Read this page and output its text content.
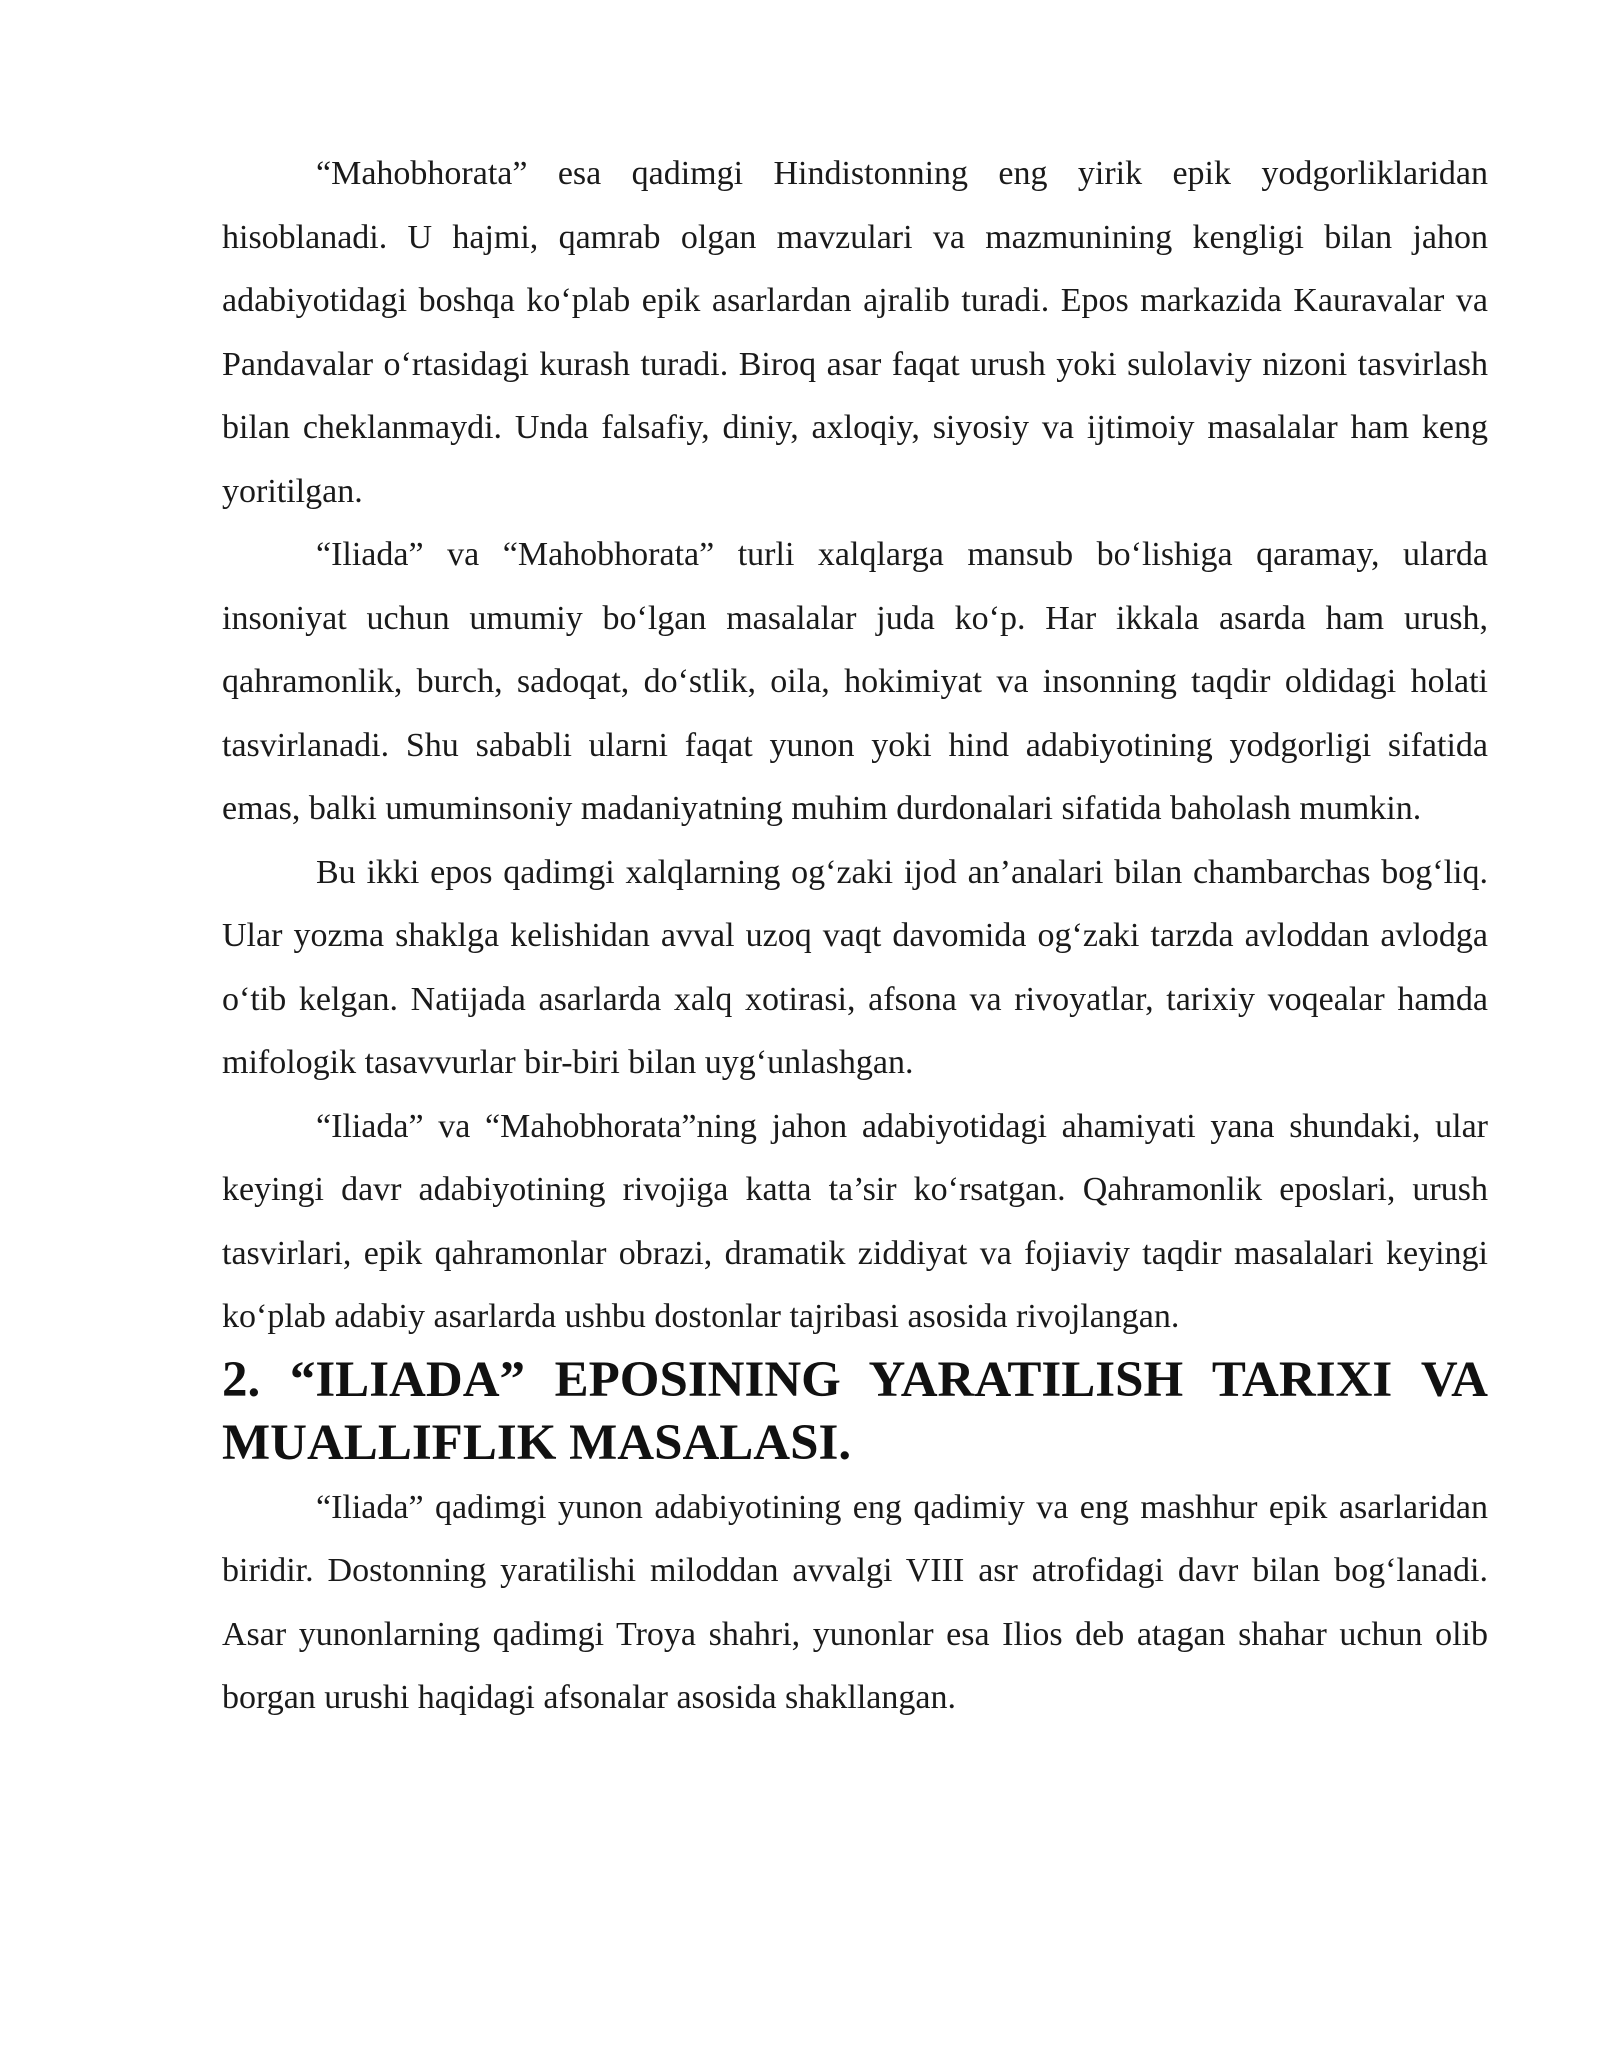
“Mahobhorata” esa qadimgi Hindistonning eng yirik epik yodgorliklaridan hisoblanadi. U hajmi, qamrab olgan mavzulari va mazmunining kengligi bilan jahon adabiyotidagi boshqa ko‘plab epik asarlardan ajralib turadi. Epos markazida Kauravalar va Pandavalar o‘rtasidagi kurash turadi. Biroq asar faqat urush yoki sulolaviy nizoni tasvirlash bilan cheklanmaydi. Unda falsafiy, diniy, axloqiy, siyosiy va ijtimoiy masalalar ham keng yoritilgan.

“Iliada” va “Mahobhorata” turli xalqlarga mansub bo‘lishiga qaramay, ularda insoniyat uchun umumiy bo‘lgan masalalar juda ko‘p. Har ikkala asarda ham urush, qahramonlik, burch, sadoqat, do‘stlik, oila, hokimiyat va insonning taqdir oldidagi holati tasvirlanadi. Shu sababli ularni faqat yunon yoki hind adabiyotining yodgorligi sifatida emas, balki umuminsoniy madaniyatning muhim durdonalari sifatida baholash mumkin.

Bu ikki epos qadimgi xalqlarning og‘zaki ijod an’analari bilan chambarchas bog‘liq. Ular yozma shaklga kelishidan avval uzoq vaqt davomida og‘zaki tarzda avloddan avlodga o‘tib kelgan. Natijada asarlarda xalq xotirasi, afsona va rivoyatlar, tarixiy voqealar hamda mifologik tasavvurlar bir-biri bilan uyg‘unlashgan.

“Iliada” va “Mahobhorata”ning jahon adabiyotidagi ahamiyati yana shundaki, ular keyingi davr adabiyotining rivojiga katta ta’sir ko‘rsatgan. Qahramonlik eposlari, urush tasvirlari, epik qahramonlar obrazi, dramatik ziddiyat va fojiaviy taqdir masalalari keyingi ko‘plab adabiy asarlarda ushbu dostonlar tajribasi asosida rivojlangan.

2. “ILIADA” EPOSINING YARATILISH TARIXI VA MUALLIFLIK MASALASI.

“Iliada” qadimgi yunon adabiyotining eng qadimiy va eng mashhur epik asarlaridan biridir. Dostonning yaratilishi miloddan avvalgi VIII asr atrofidagi davr bilan bog‘lanadi. Asar yunonlarning qadimgi Troya shahri, yunonlar esa Ilios deb atagan shahar uchun olib borgan urushi haqidagi afsonalar asosida shakllangan.
